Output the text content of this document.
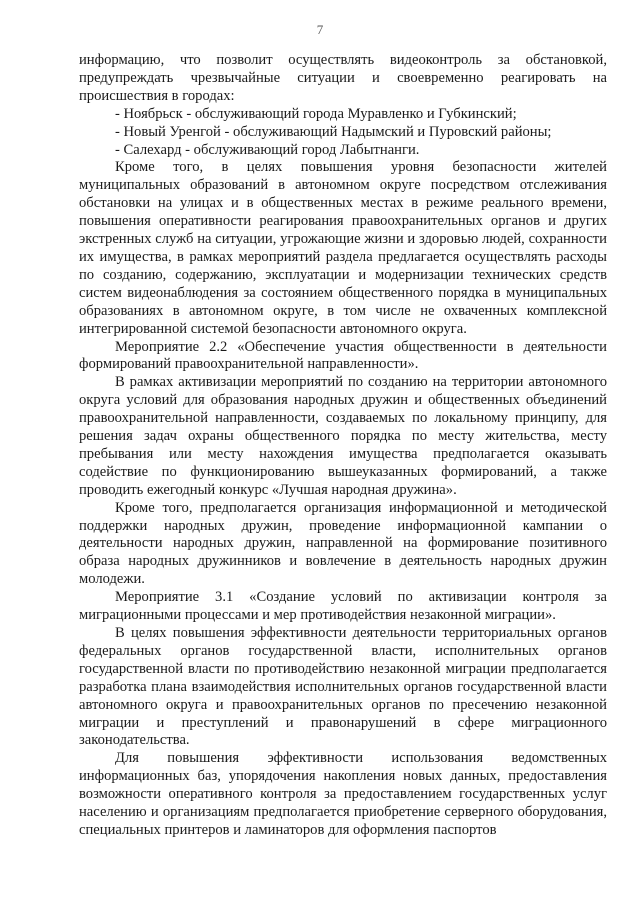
7

информацию, что позволит осуществлять видеоконтроль за обстановкой, предупреждать чрезвычайные ситуации и своевременно реагировать на происшествия в городах:

- Ноябрьск - обслуживающий города Муравленко и Губкинский;

- Новый Уренгой - обслуживающий Надымский и Пуровский районы;

- Салехард - обслуживающий город Лабытнанги.

Кроме того, в целях повышения уровня безопасности жителей муниципальных образований в автономном округе посредством отслеживания обстановки на улицах и в общественных местах в режиме реального времени, повышения оперативности реагирования правоохранительных органов и других экстренных служб на ситуации, угрожающие жизни и здоровью людей, сохранности их имущества, в рамках мероприятий раздела предлагается осуществлять расходы по созданию, содержанию, эксплуатации и модернизации технических средств систем видеонаблюдения за состоянием общественного порядка в муниципальных образованиях в автономном округе, в том числе не охваченных комплексной интегрированной системой безопасности автономного округа.

Мероприятие 2.2 «Обеспечение участия общественности в деятельности формирований правоохранительной направленности».

В рамках активизации мероприятий по созданию на территории автономного округа условий для образования народных дружин и общественных объединений правоохранительной направленности, создаваемых по локальному принципу, для решения задач охраны общественного порядка по месту жительства, месту пребывания или месту нахождения имущества предполагается оказывать содействие по функционированию вышеуказанных формирований, а также проводить ежегодный конкурс «Лучшая народная дружина».

Кроме того, предполагается организация информационной и методической поддержки народных дружин, проведение информационной кампании о деятельности народных дружин, направленной на формирование позитивного образа народных дружинников и вовлечение в деятельность народных дружин молодежи.

Мероприятие 3.1 «Создание условий по активизации контроля за миграционными процессами и мер противодействия незаконной миграции».

В целях повышения эффективности деятельности территориальных органов федеральных органов государственной власти, исполнительных органов государственной власти по противодействию незаконной миграции предполагается разработка плана взаимодействия исполнительных органов государственной власти автономного округа и правоохранительных органов по пресечению незаконной миграции и преступлений и правонарушений в сфере миграционного законодательства.

Для повышения эффективности использования ведомственных информационных баз, упорядочения накопления новых данных, предоставления возможности оперативного контроля за предоставлением государственных услуг населению и организациям предполагается приобретение серверного оборудования, специальных принтеров и ламинаторов для оформления паспортов
